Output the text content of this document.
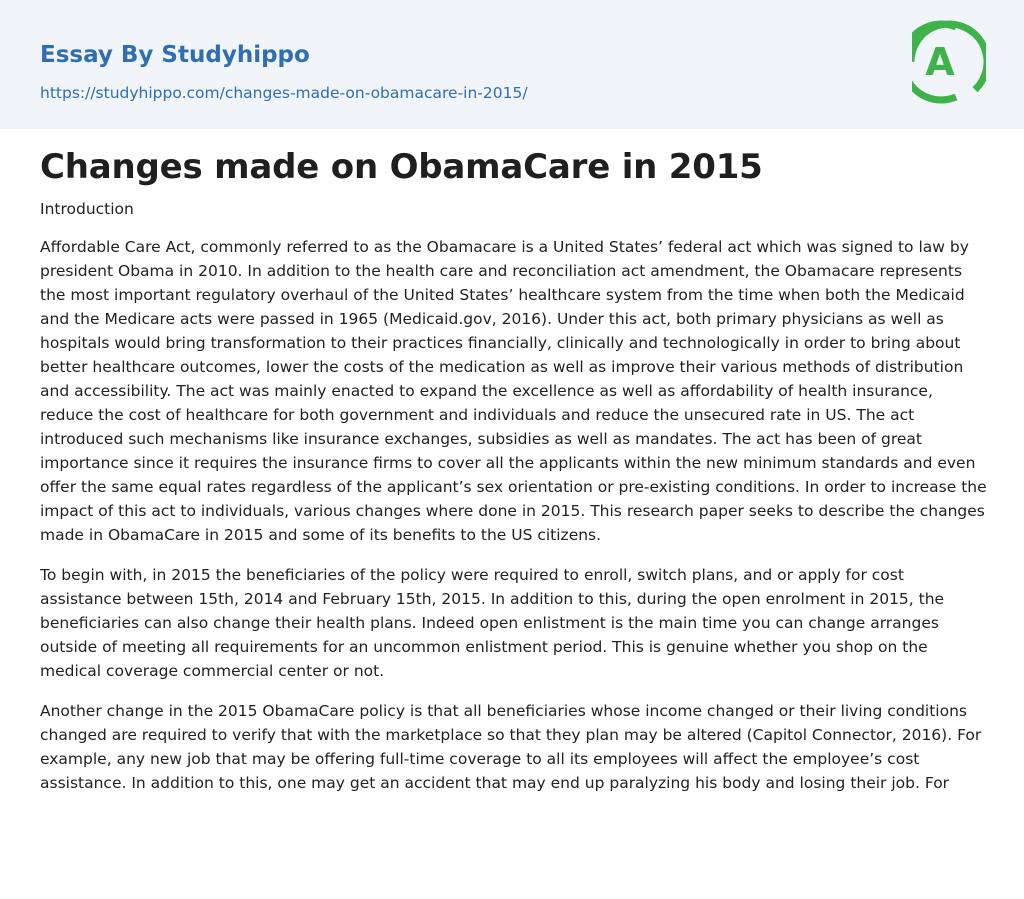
Essay By Studyhippo
https://studyhippo.com/changes-made-on-obamacare-in-2015/
A
Changes made on ObamaCare in 2015
Introduction

Affordable Care Act, commonly referred to as the Obamacare is a United States’ federal act which was signed to law by president Obama in 2010. In addition to the health care and reconciliation act amendment, the Obamacare represents the most important regulatory overhaul of the United States’ healthcare system from the time when both the Medicaid and the Medicare acts were passed in 1965 (Medicaid.gov, 2016). Under this act, both primary physicians as well as hospitals would bring transformation to their practices financially, clinically and technologically in order to bring about better healthcare outcomes, lower the costs of the medication as well as improve their various methods of distribution and accessibility. The act was mainly enacted to expand the excellence as well as affordability of health insurance, reduce the cost of healthcare for both government and individuals and reduce the unsecured rate in US. The act introduced such mechanisms like insurance exchanges, subsidies as well as mandates. The act has been of great importance since it requires the insurance firms to cover all the applicants within the new minimum standards and even offer the same equal rates regardless of the applicant’s sex orientation or pre-existing conditions. In order to increase the impact of this act to individuals, various changes where done in 2015. This research paper seeks to describe the changes made in ObamaCare in 2015 and some of its benefits to the US citizens.

To begin with, in 2015 the beneficiaries of the policy were required to enroll, switch plans, and or apply for cost assistance between 15th, 2014 and February 15th, 2015. In addition to this, during the open enrolment in 2015, the beneficiaries can also change their health plans. Indeed open enlistment is the main time you can change arranges outside of meeting all requirements for an uncommon enlistment period. This is genuine whether you shop on the medical coverage commercial center or not.

Another change in the 2015 ObamaCare policy is that all beneficiaries whose income changed or their living conditions changed are required to verify that with the marketplace so that they plan may be altered (Capitol Connector, 2016). For example, any new job that may be offering full-time coverage to all its employees will affect the employee’s cost assistance. In addition to this, one may get an accident that may end up paralyzing his body and losing their job. For
